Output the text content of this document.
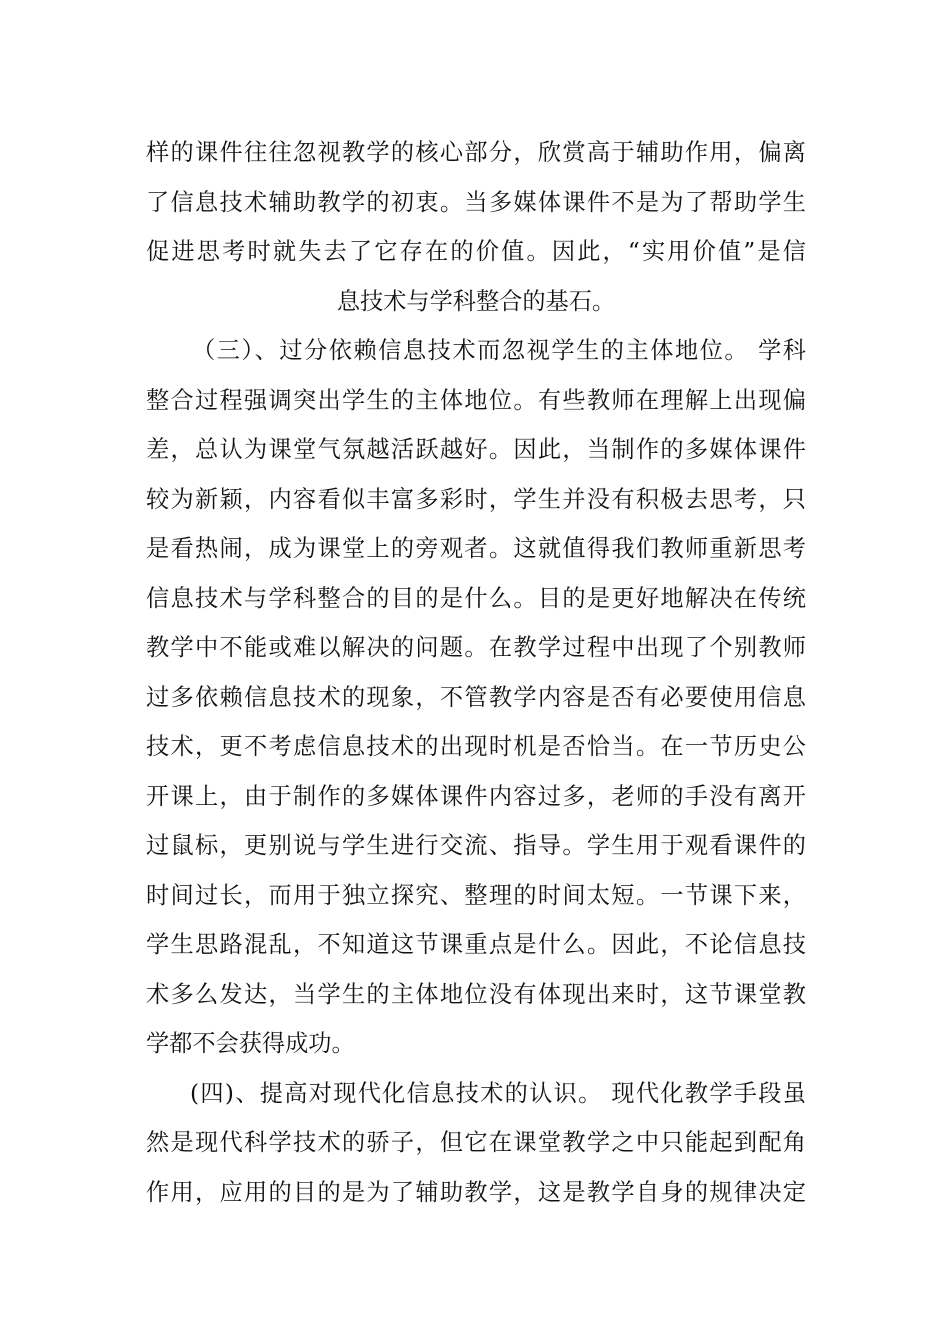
样的课件往往忽视教学的核心部分，欣赏高于辅助作用，偏离
了信息技术辅助教学的初衷。当多媒体课件不是为了帮助学生
促进思考时就失去了它存在的价值。因此，“实用价值”是信
息技术与学科整合的基石。
（三）、过分依赖信息技术而忽视学生的主体地位。 学科
整合过程强调突出学生的主体地位。有些教师在理解上出现偏
差，总认为课堂气氛越活跃越好。因此，当制作的多媒体课件
较为新颖，内容看似丰富多彩时，学生并没有积极去思考，只
是看热闹，成为课堂上的旁观者。这就值得我们教师重新思考
信息技术与学科整合的目的是什么。目的是更好地解决在传统
教学中不能或难以解决的问题。在教学过程中出现了个别教师
过多依赖信息技术的现象，不管教学内容是否有必要使用信息
技术，更不考虑信息技术的出现时机是否恰当。在一节历史公
开课上，由于制作的多媒体课件内容过多，老师的手没有离开
过鼠标，更别说与学生进行交流、指导。学生用于观看课件的
时间过长，而用于独立探究、整理的时间太短。一节课下来，
学生思路混乱，不知道这节课重点是什么。因此，不论信息技
术多么发达，当学生的主体地位没有体现出来时，这节课堂教
学都不会获得成功。
(四)、提高对现代化信息技术的认识。 现代化教学手段虽
然是现代科学技术的骄子，但它在课堂教学之中只能起到配角
作用，应用的目的是为了辅助教学，这是教学自身的规律决定
